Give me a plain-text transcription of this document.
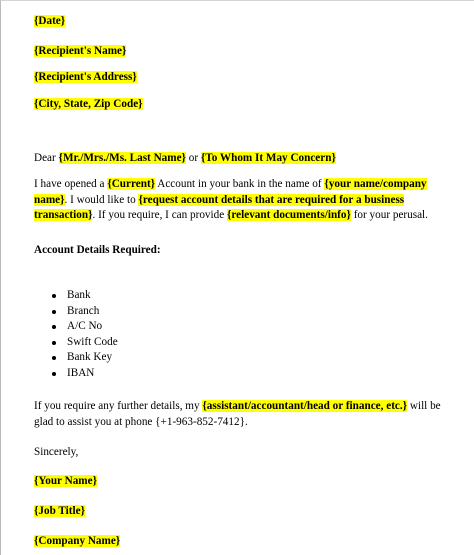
{Date}
{Recipient's Name}
{Recipient's Address}
{City, State, Zip Code}
Dear {Mr./Mrs./Ms. Last Name} or {To Whom It May Concern}
I have opened a {Current} Account in your bank in the name of {your name/company name}. I would like to {request account details that are required for a business transaction}. If you require, I can provide {relevant documents/info} for your perusal.
Account Details Required:
Bank
Branch
A/C No
Swift Code
Bank Key
IBAN
If you require any further details, my {assistant/accountant/head or finance, etc.} will be glad to assist you at phone {+1-963-852-7412}.
Sincerely,
{Your Name}
{Job Title}
{Company Name}
